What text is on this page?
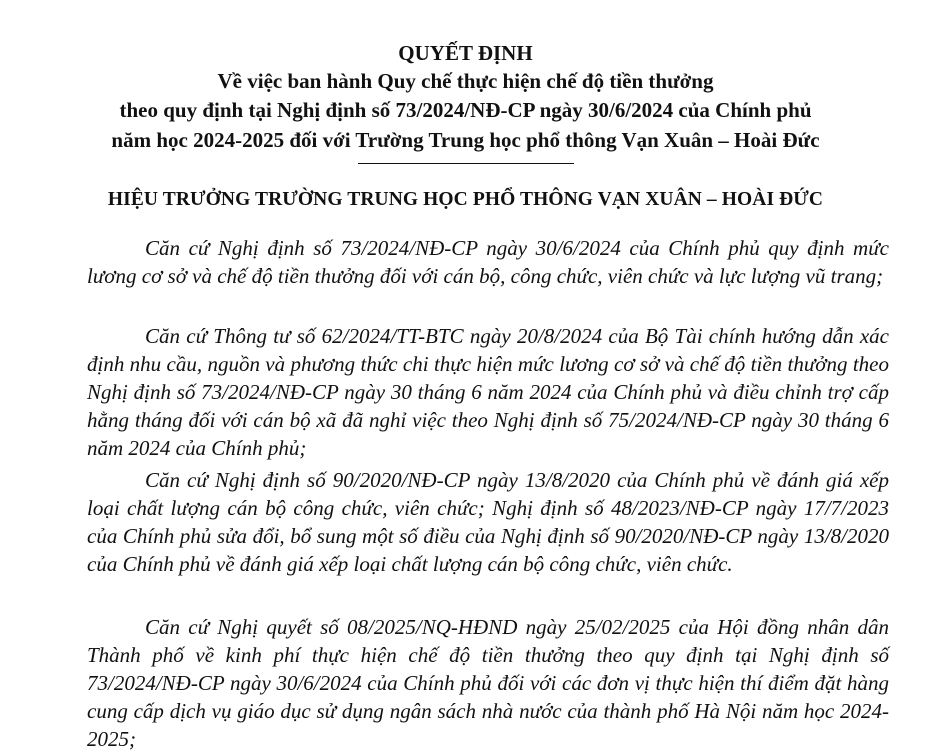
QUYẾT ĐỊNH
Về việc ban hành Quy chế thực hiện chế độ tiền thưởng
theo quy định tại Nghị định số 73/2024/NĐ-CP ngày 30/6/2024 của Chính phủ
năm học 2024-2025 đối với Trường Trung học phổ thông Vạn Xuân – Hoài Đức
HIỆU TRƯỞNG TRƯỜNG TRUNG HỌC PHỔ THÔNG VẠN XUÂN – HOÀI ĐỨC

Căn cứ Nghị định số 73/2024/NĐ-CP ngày 30/6/2024 của Chính phủ quy định mức lương cơ sở và chế độ tiền thưởng đối với cán bộ, công chức, viên chức và lực lượng vũ trang;

Căn cứ Thông tư số 62/2024/TT-BTC ngày 20/8/2024 của Bộ Tài chính hướng dẫn xác định nhu cầu, nguồn và phương thức chi thực hiện mức lương cơ sở và chế độ tiền thưởng theo Nghị định số 73/2024/NĐ-CP ngày 30 tháng 6 năm 2024 của Chính phủ và điều chỉnh trợ cấp hằng tháng đối với cán bộ xã đã nghỉ việc theo Nghị định số 75/2024/NĐ-CP ngày 30 tháng 6 năm 2024 của Chính phủ;

Căn cứ Nghị định số 90/2020/NĐ-CP ngày 13/8/2020 của Chính phủ về đánh giá xếp loại chất lượng cán bộ công chức, viên chức; Nghị định số 48/2023/NĐ-CP ngày 17/7/2023 của Chính phủ sửa đổi, bổ sung một số điều của Nghị định số 90/2020/NĐ-CP ngày 13/8/2020 của Chính phủ về đánh giá xếp loại chất lượng cán bộ công chức, viên chức.

Căn cứ Nghị quyết số 08/2025/NQ-HĐND ngày 25/02/2025 của Hội đồng nhân dân Thành phố về kinh phí thực hiện chế độ tiền thưởng theo quy định tại Nghị định số 73/2024/NĐ-CP ngày 30/6/2024 của Chính phủ đối với các đơn vị thực hiện thí điểm đặt hàng cung cấp dịch vụ giáo dục sử dụng ngân sách nhà nước của thành phố Hà Nội năm học 2024-2025;
